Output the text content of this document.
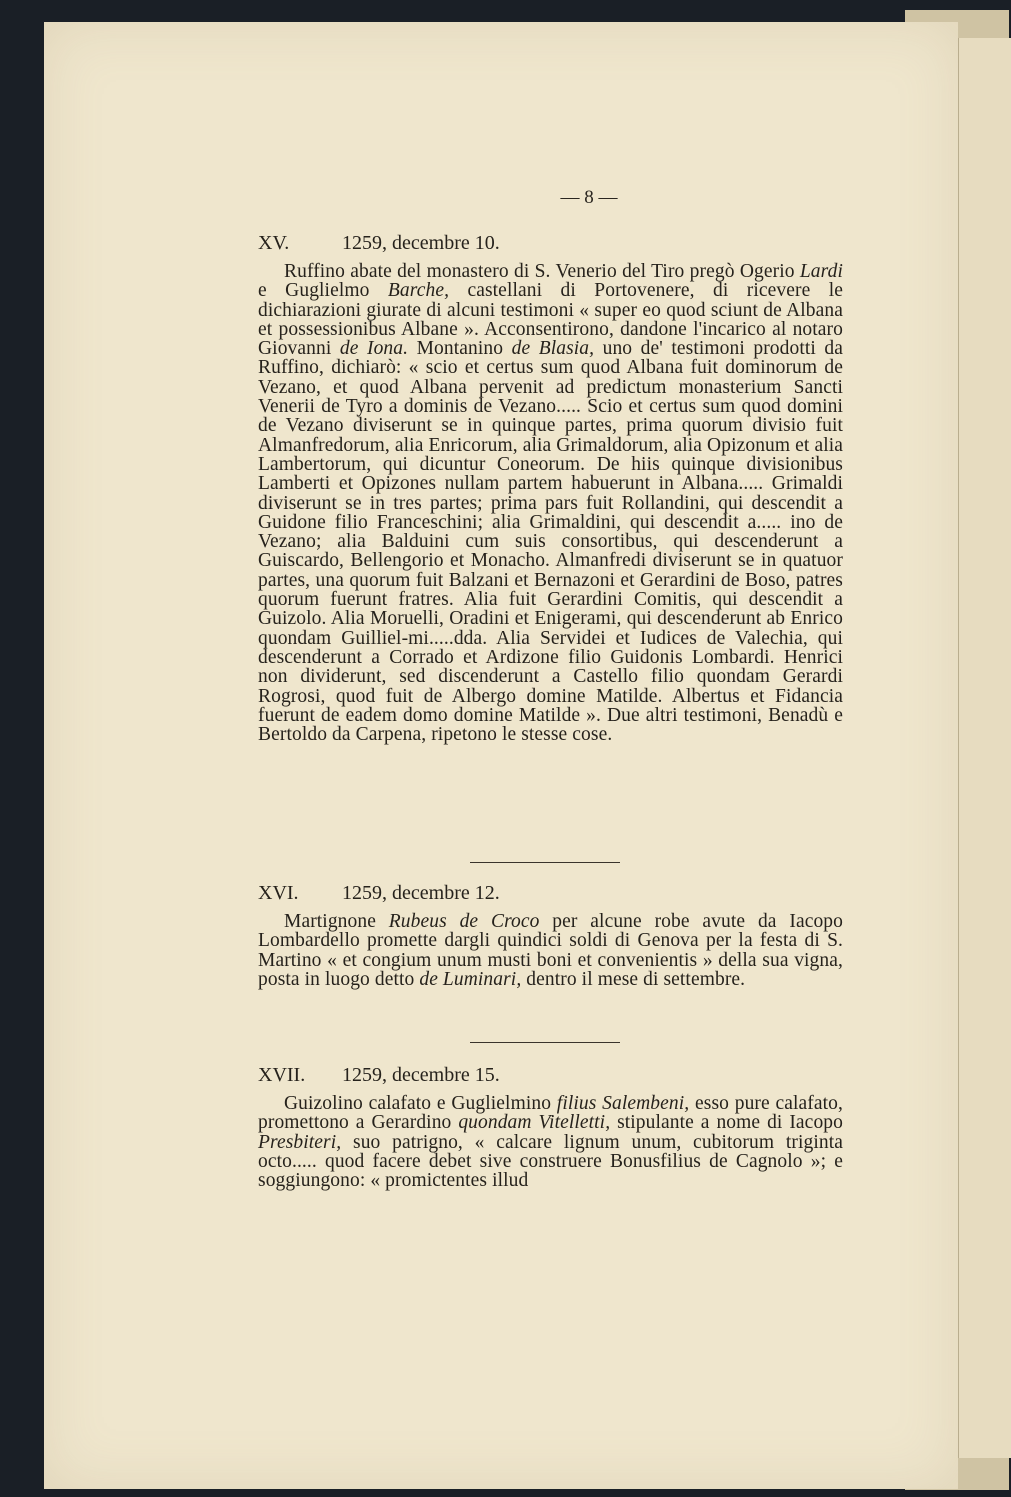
— 8 —
XV.	1259, decembre 10.

Ruffino abate del monastero di S. Venerio del Tiro pregò Ogerio Lardi e Guglielmo Barche, castellani di Portovenere, di ricevere le dichiarazioni giurate di alcuni testimoni « super eo quod sciunt de Albana et possessionibus Albane ». Acconsentirono, dandone l'incarico al notaro Giovanni de Iona. Montanino de Blasia, uno de' testimoni prodotti da Ruffino, dichiarò: « scio et certus sum quod Albana fuit dominorum de Vezano, et quod Albana pervenit ad predictum monasterium Sancti Venerii de Tyro a dominis de Vezano..... Scio et certus sum quod domini de Vezano diviserunt se in quinque partes, prima quorum divisio fuit Almanfredorum, alia Enricorum, alia Grimaldorum, alia Opizonum et alia Lambertorum, qui dicuntur Coneorum. De hiis quinque divisionibus Lamberti et Opizones nullam partem habuerunt in Albana..... Grimaldi diviserunt se in tres partes; prima pars fuit Rollandini, qui descendit a Guidone filio Franceschini; alia Grimaldini, qui descendit a..... ino de Vezano; alia Balduini cum suis consortibus, qui descenderunt a Guiscardo, Bellengorio et Monacho. Almanfredi diviserunt se in quatuor partes, una quorum fuit Balzani et Bernazoni et Gerardini de Boso, patres quorum fuerunt fratres. Alia fuit Gerardini Comitis, qui descendit a Guizolo. Alia Moruelli, Oradini et Enigerami, qui descenderunt ab Enrico quondam Guilliel-mi.....dda. Alia Servidei et Iudices de Valechia, qui descenderunt a Corrado et Ardizone filio Guidonis Lombardi. Henrici non dividerunt, sed discenderunt a Castello filio quondam Gerardi Rogrosi, quod fuit de Albergo domine Matilde. Albertus et Fidancia fuerunt de eadem domo domine Matilde ». Due altri testimoni, Benadù e Bertoldo da Carpena, ripetono le stesse cose.

XVI. 1259, decembre 12.

Martignone Rubeus de Croco per alcune robe avute da Iacopo Lombardello promette dargli quindici soldi di Genova per la festa di S. Martino « et congium unum musti boni et convenientis » della sua vigna, posta in luogo detto de Luminari, dentro il mese di settembre.

XVII. 1259, decembre 15.

Guizolino calafato e Guglielmino filius Salembeni, esso pure calafato, promettono a Gerardino quondam Vitelletti, stipulante a nome di Iacopo Presbiteri, suo patrigno, « calcare lignum unum, cubitorum triginta octo..... quod facere debet sive construere Bonusfilius de Cagnolo »; e soggiungono: « promictentes illud
